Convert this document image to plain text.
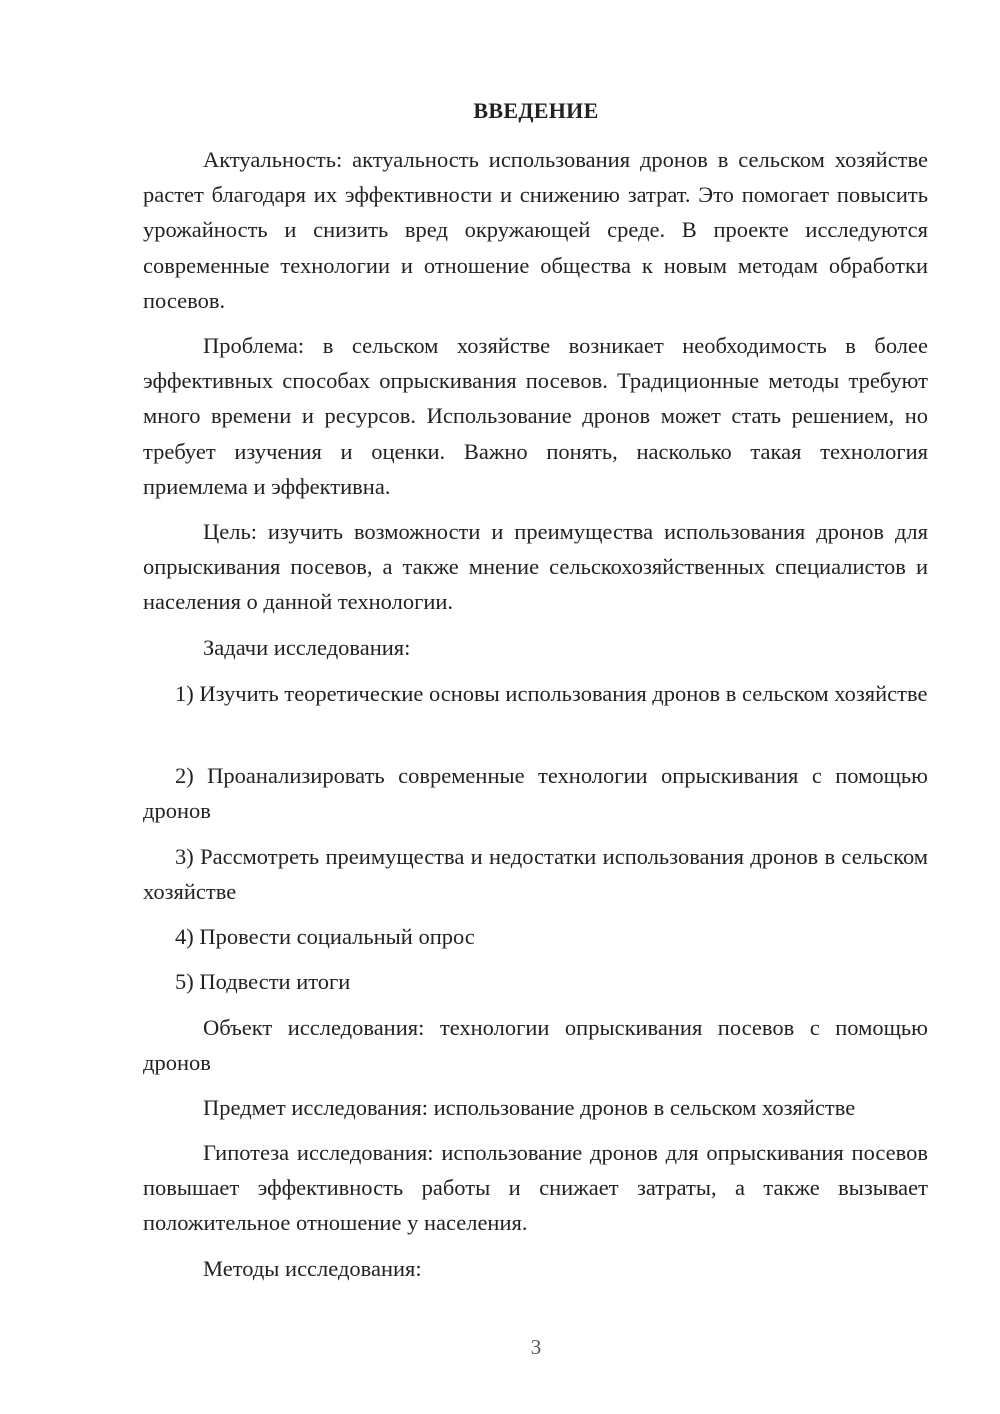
ВВЕДЕНИЕ

Актуальность: актуальность использования дронов в сельском хозяйстве растет благодаря их эффективности и снижению затрат. Это помогает повысить урожайность и снизить вред окружающей среде. В проекте исследуются современные технологии и отношение общества к новым методам обработки посевов.

Проблема: в сельском хозяйстве возникает необходимость в более эффективных способах опрыскивания посевов. Традиционные методы требуют много времени и ресурсов. Использование дронов может стать решением, но требует изучения и оценки. Важно понять, насколько такая технология приемлема и эффективна.

Цель: изучить возможности и преимущества использования дронов для опрыскивания посевов, а также мнение сельскохозяйственных специалистов и населения о данной технологии.

Задачи исследования:

1) Изучить теоретические основы использования дронов в сельском хозяйстве

2) Проанализировать современные технологии опрыскивания с помощью дронов

3) Рассмотреть преимущества и недостатки использования дронов в сельском хозяйстве

4) Провести социальный опрос

5) Подвести итоги

Объект исследования: технологии опрыскивания посевов с помощью дронов

Предмет исследования: использование дронов в сельском хозяйстве

Гипотеза исследования: использование дронов для опрыскивания посевов повышает эффективность работы и снижает затраты, а также вызывает положительное отношение у населения.

Методы исследования:

3
